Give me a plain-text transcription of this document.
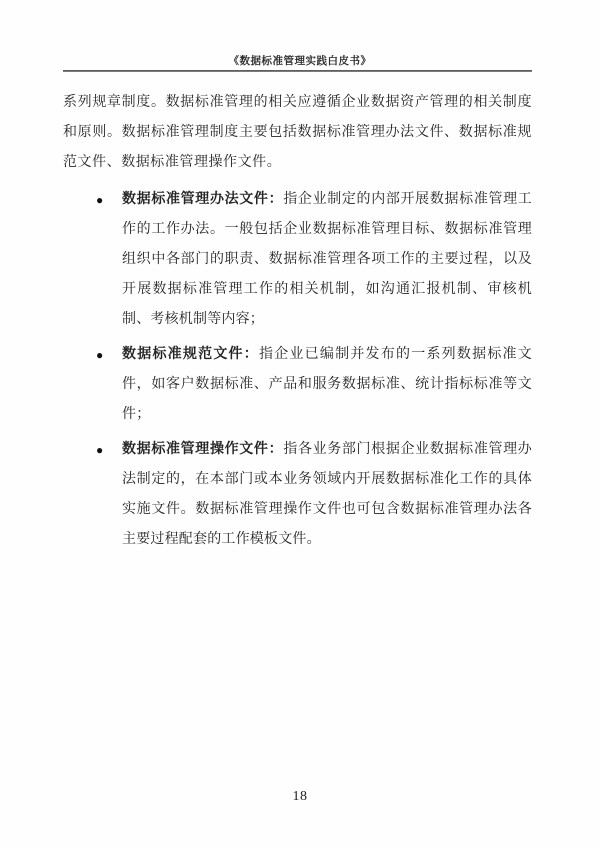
《数据标准管理实践白皮书》

系列规章制度。数据标准管理的相关应遵循企业数据资产管理的相关制度和原则。数据标准管理制度主要包括数据标准管理办法文件、数据标准规范文件、数据标准管理操作文件。

● 数据标准管理办法文件：指企业制定的内部开展数据标准管理工作的工作办法。一般包括企业数据标准管理目标、数据标准管理组织中各部门的职责、数据标准管理各项工作的主要过程，以及开展数据标准管理工作的相关机制，如沟通汇报机制、审核机制、考核机制等内容；
● 数据标准规范文件：指企业已编制并发布的一系列数据标准文件，如客户数据标准、产品和服务数据标准、统计指标标准等文件；
● 数据标准管理操作文件：指各业务部门根据企业数据标准管理办法制定的，在本部门或本业务领域内开展数据标准化工作的具体实施文件。数据标准管理操作文件也可包含数据标准管理办法各主要过程配套的工作模板文件。
18
